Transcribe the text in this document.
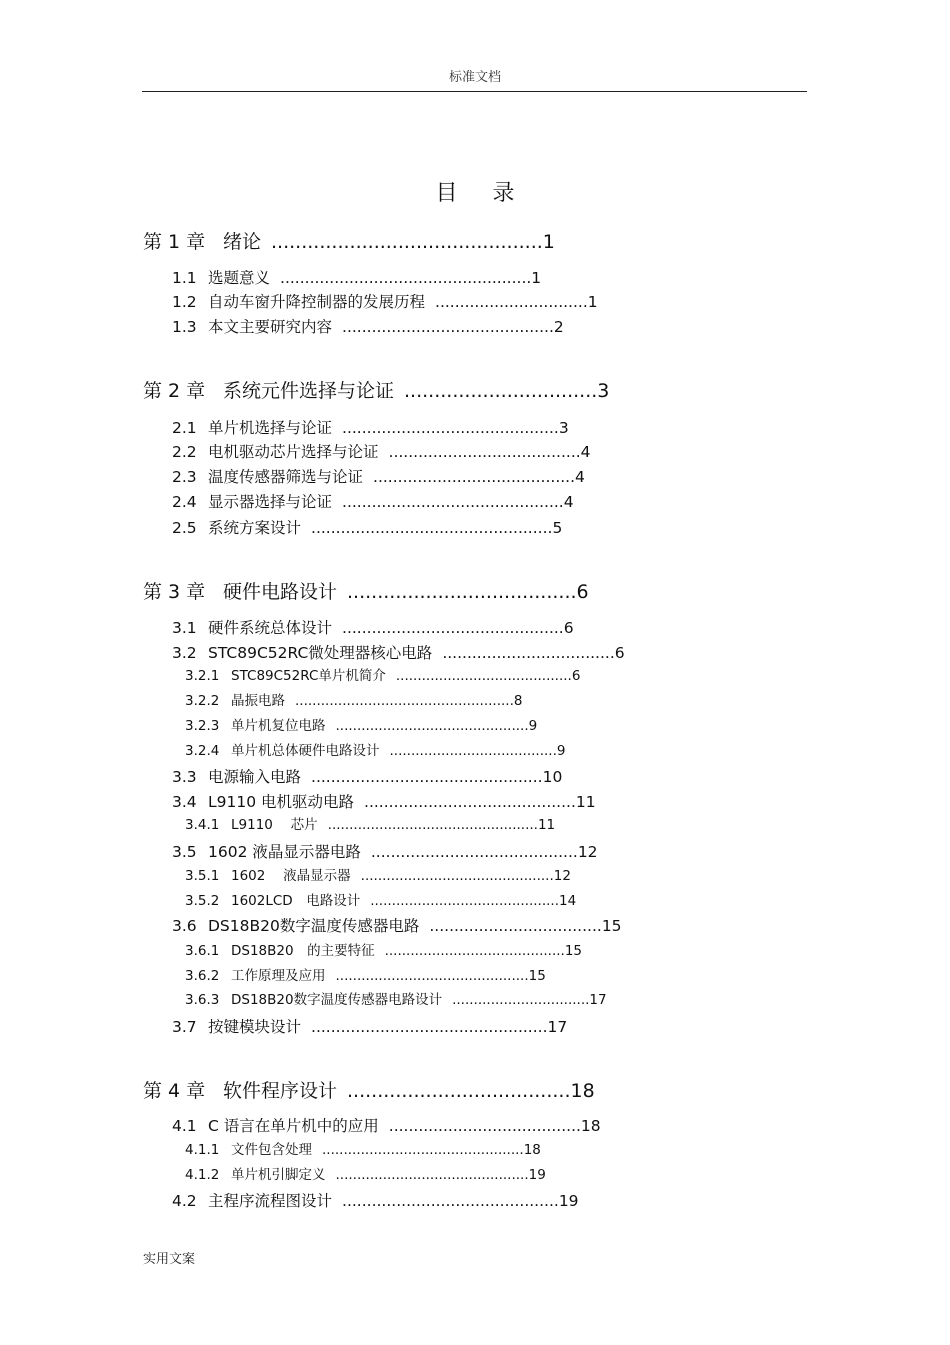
标准文档
目 录
第 1 章 绪论 .............................................1
1.1 选题意义 ...................................................1
1.2 自动车窗升降控制器的发展历程 ...............................1
1.3 本文主要研究内容 ...........................................2
第 2 章 系统元件选择与论证 ................................3
2.1 单片机选择与论证 ............................................3
2.2 电机驱动芯片选择与论证 .......................................4
2.3 温度传感器筛选与论证 .........................................4
2.4 显示器选择与论证 .............................................4
2.5 系统方案设计 .................................................5
第 3 章 硬件电路设计 ......................................6
3.1 硬件系统总体设计 .............................................6
3.2 STC89C52RC微处理器核心电路 ...................................6
3.2.1 STC89C52RC单片机简介 .........................................6
3.2.2 晶振电路 ...................................................8
3.2.3 单片机复位电路 .............................................9
3.2.4 单片机总体硬件电路设计 .......................................9
3.3 电源输入电路 ...............................................10
3.4 L9110 电机驱动电路 ...........................................11
3.4.1 L9110　 芯片 .................................................11
3.5 1602 液晶显示器电路 ..........................................12
3.5.1 1602　 液晶显示器 .............................................12
3.5.2 1602LCD　电路设计 ............................................14
3.6 DS18B20数字温度传感器电路 ...................................15
3.6.1 DS18B20　的主要特征 ..........................................15
3.6.2 工作原理及应用 .............................................15
3.6.3 DS18B20数字温度传感器电路设计 ................................17
3.7 按键模块设计 ................................................17
第 4 章 软件程序设计 .....................................18
4.1 C 语言在单片机中的应用 .......................................18
4.1.1 文件包含处理 ...............................................18
4.1.2 单片机引脚定义 .............................................19
4.2 主程序流程图设计 ............................................19
实用文案
